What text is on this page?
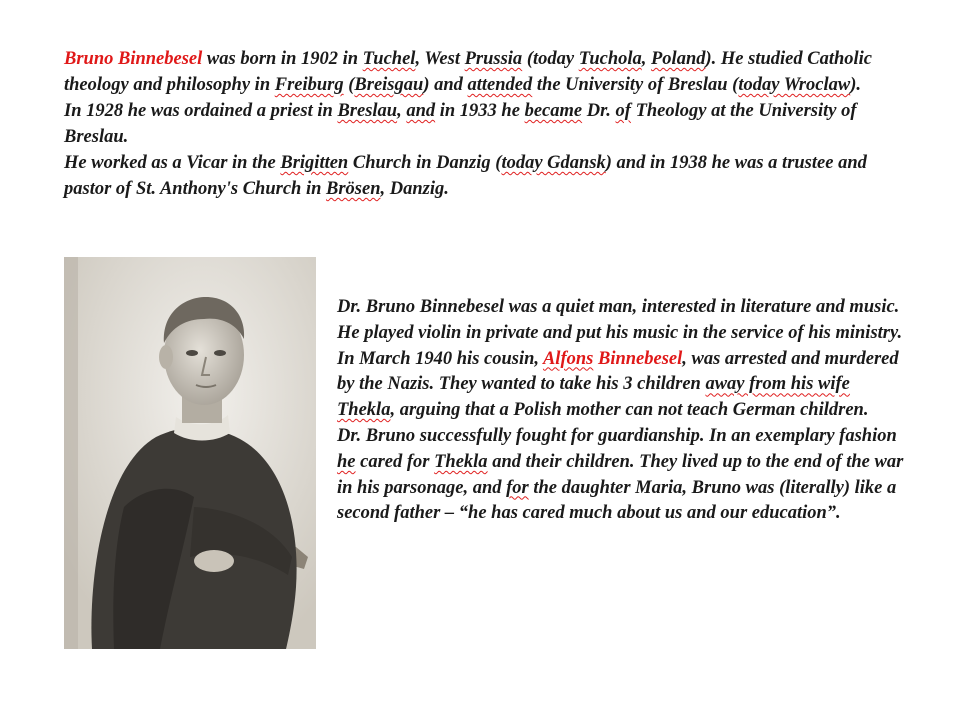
Bruno Binnebesel was born in 1902 in Tuchel, West Prussia (today Tuchola, Poland). He studied Catholic theology and philosophy in Freiburg (Breisgau) and attended the University of Breslau (today Wroclaw).

In 1928 he was ordained a priest in Breslau, and in 1933 he became Dr. of Theology at the University of Breslau.

He worked as a Vicar in the Brigitten Church in Danzig (today Gdansk) and in 1938 he was a trustee and pastor of St. Anthony's Church in Brösen, Danzig.

Dr. Bruno Binnebesel was a quiet man, interested in literature and music. He played violin in private and put his music in the service of his ministry.

In March 1940 his cousin, Alfons Binnebesel, was arrested and murdered by the Nazis. They wanted to take his 3 children away from his wife Thekla, arguing that a Polish mother can not teach German children.

Dr. Bruno successfully fought for guardianship. In an exemplary fashion he cared for Thekla and their children. They lived up to the end of the war in his parsonage, and for the daughter Maria, Bruno was (literally) like a second father – “he has cared much about us and our education”.
